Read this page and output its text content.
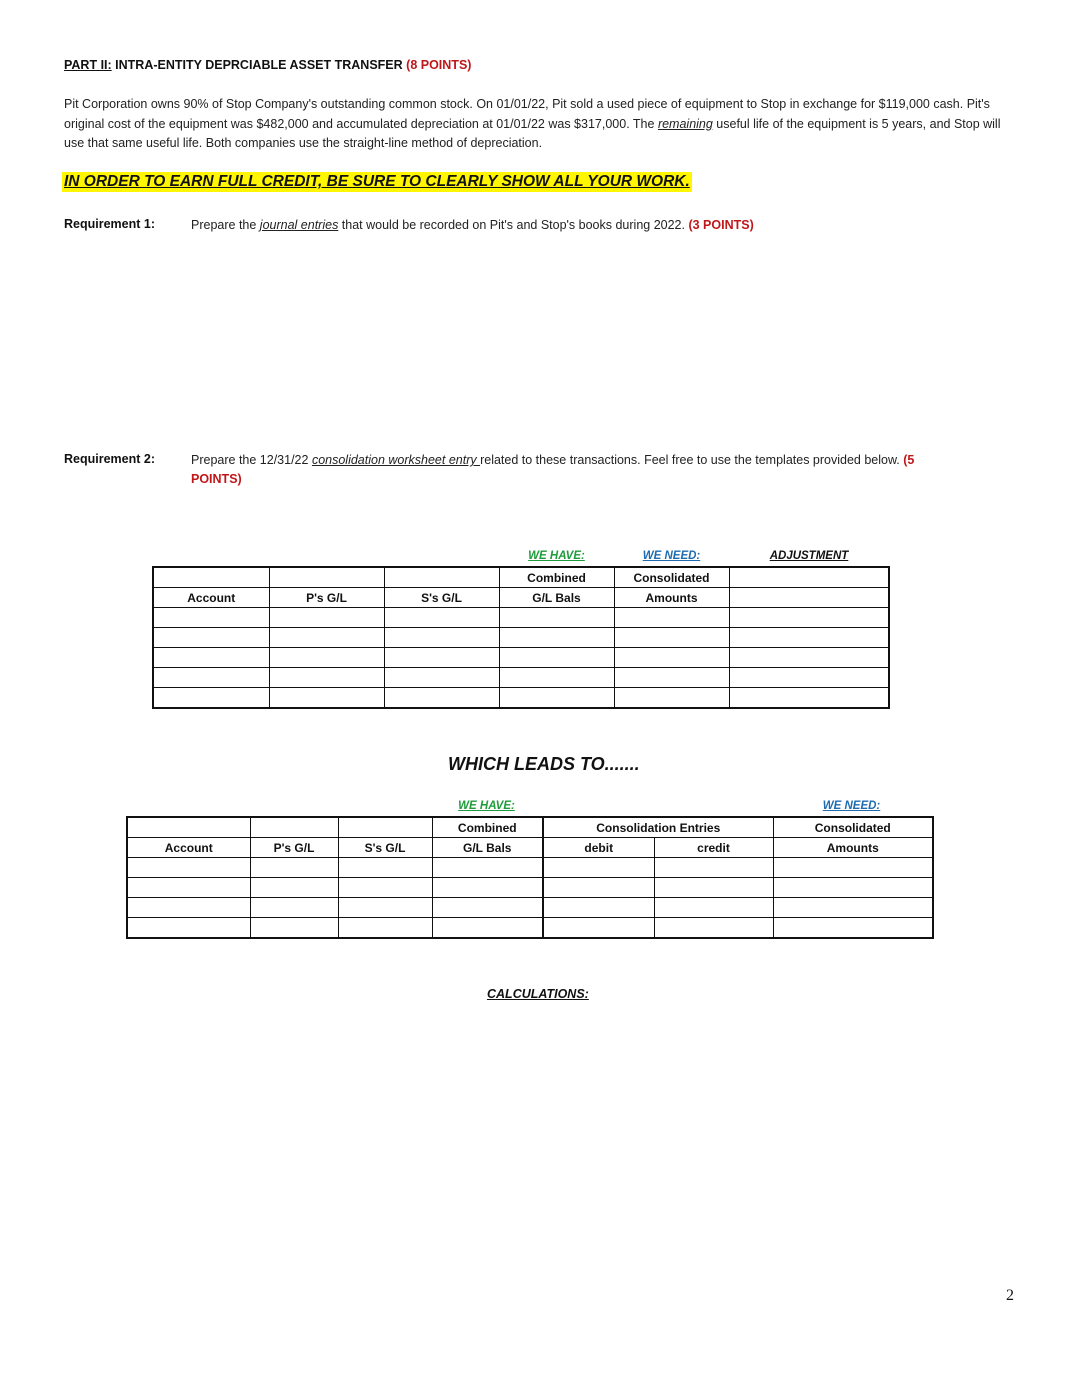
PART II: INTRA-ENTITY DEPRCIABLE ASSET TRANSFER (8 POINTS)
Pit Corporation owns 90% of Stop Company's outstanding common stock. On 01/01/22, Pit sold a used piece of equipment to Stop in exchange for $119,000 cash. Pit's original cost of the equipment was $482,000 and accumulated depreciation at 01/01/22 was $317,000. The remaining useful life of the equipment is 5 years, and Stop will use that same useful life. Both companies use the straight-line method of depreciation.
IN ORDER TO EARN FULL CREDIT, BE SURE TO CLEARLY SHOW ALL YOUR WORK.
Requirement 1:	Prepare the journal entries that would be recorded on Pit's and Stop's books during 2022. (3 POINTS)
Requirement 2:	Prepare the 12/31/22 consolidation worksheet entry related to these transactions. Feel free to use the templates provided below. (5 POINTS)
WE HAVE:	WE NEED:	ADJUSTMENT
			Combined	Consolidated	
Account	P's G/L	S's G/L	G/L Bals	Amounts	

WHICH LEADS TO.......
WE HAVE:	WE NEED:
			Combined	Consolidation Entries		Consolidated
Account	P's G/L	S's G/L	G/L Bals	debit	credit	Amounts

CALCULATIONS:
2
